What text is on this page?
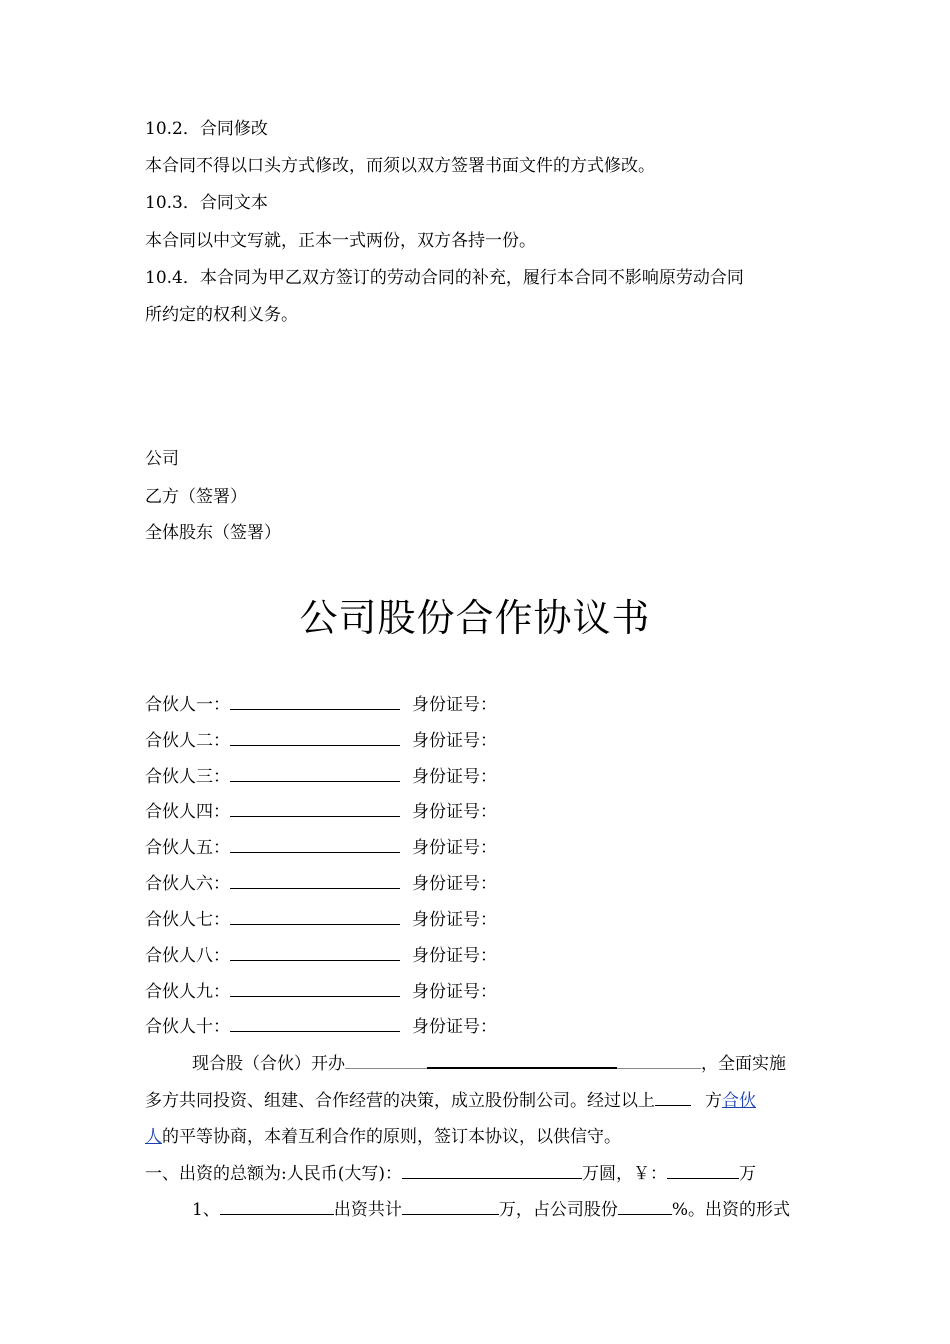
10.2．合同修改
本合同不得以口头方式修改，而须以双方签署书面文件的方式修改。
10.3．合同文本
本合同以中文写就，正本一式两份，双方各持一份。
10.4．本合同为甲乙双方签订的劳动合同的补充，履行本合同不影响原劳动合同
所约定的权利义务。
公司
乙方（签署）
全体股东（签署）
公司股份合作协议书
合伙人一：	身份证号：
合伙人二：	身份证号：
合伙人三：	身份证号：
合伙人四：	身份证号：
合伙人五：	身份证号：
合伙人六：	身份证号：
合伙人七：	身份证号：
合伙人八：	身份证号：
合伙人九：	身份证号：
合伙人十：	身份证号：
现合股（合伙）开办	，全面实施
多方共同投资、组建、合作经营的决策，成立股份制公司。经过以上	方合伙
人的平等协商，本着互利合作的原则，签订本协议，以供信守。
一、出资的总额为:人民币(大写)：	万圆，￥：	万
1、	出资共计	万，占公司股份	%。出资的形式
